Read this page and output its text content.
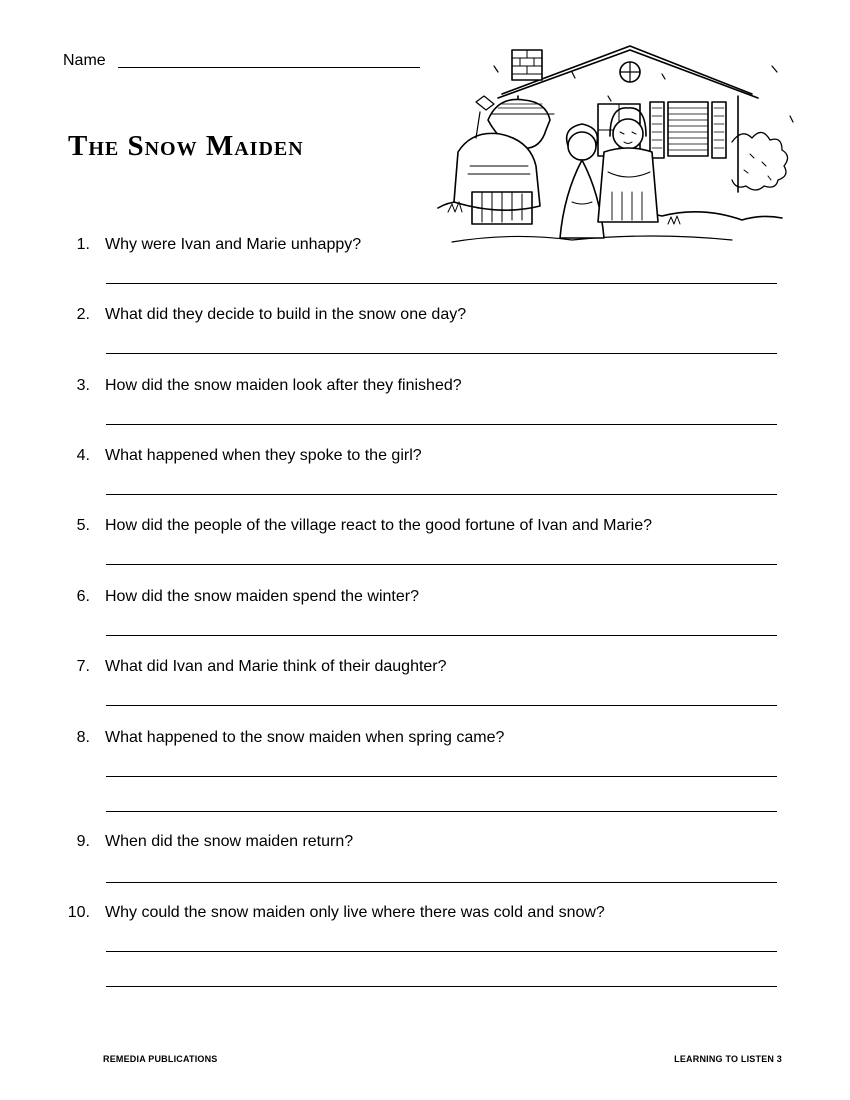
Name
The Snow Maiden
1. Why were Ivan and Marie unhappy?
2. What did they decide to build in the snow one day?
3. How did the snow maiden look after they finished?
4. What happened when they spoke to the girl?
5. How did the people of the village react to the good fortune of Ivan and Marie?
6. How did the snow maiden spend the winter?
7. What did Ivan and Marie think of their daughter?
8. What happened to the snow maiden when spring came?
9. When did the snow maiden return?
10. Why could the snow maiden only live where there was cold and snow?
REMEDIA PUBLICATIONS	LEARNING TO LISTEN 3
